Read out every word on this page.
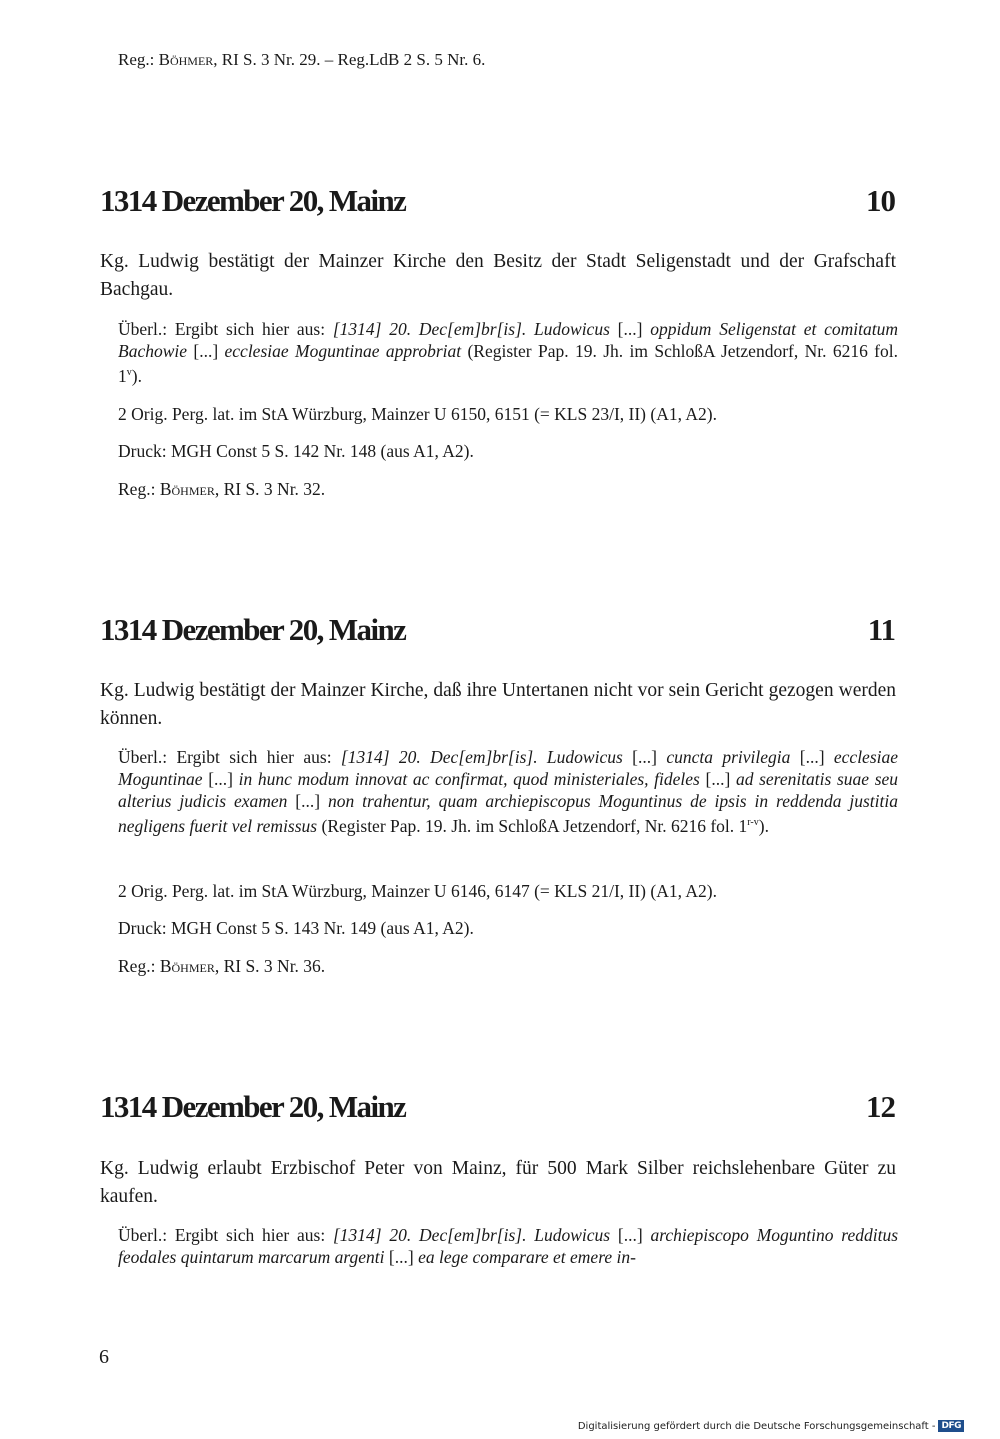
Reg.: Böhmer, RI S. 3 Nr. 29. – Reg.LdB 2 S. 5 Nr. 6.
1314 Dezember 20, Mainz	10

Kg. Ludwig bestätigt der Mainzer Kirche den Besitz der Stadt Seligenstadt und der Grafschaft Bachgau.

Überl.: Ergibt sich hier aus: [1314] 20. Dec[em]br[is]. Ludowicus [...] oppidum Seligenstat et comitatum Bachowie [...] ecclesiae Moguntinae approbriat (Register Pap. 19. Jh. im SchloßA Jetzendorf, Nr. 6216 fol. 1$^v$).

2 Orig. Perg. lat. im StA Würzburg, Mainzer U 6150, 6151 (= KLS 23/I, II) (A1, A2).

Druck: MGH Const 5 S. 142 Nr. 148 (aus A1, A2).

Reg.: Böhmer, RI S. 3 Nr. 32.

1314 Dezember 20, Mainz	11

Kg. Ludwig bestätigt der Mainzer Kirche, daß ihre Untertanen nicht vor sein Gericht gezogen werden können.

Überl.: Ergibt sich hier aus: [1314] 20. Dec[em]br[is]. Ludowicus [...] cuncta privilegia [...] ecclesiae Moguntinae [...] in hunc modum innovat ac confirmat, quod ministeriales, fideles [...] ad serenitatis suae seu alterius judicis examen [...] non trahentur, quam archiepiscopus Moguntinus de ipsis in reddenda justitia negligens fuerit vel remissus (Register Pap. 19. Jh. im SchloßA Jetzendorf, Nr. 6216 fol. 1$^{r-v}$).

2 Orig. Perg. lat. im StA Würzburg, Mainzer U 6146, 6147 (= KLS 21/I, II) (A1, A2).

Druck: MGH Const 5 S. 143 Nr. 149 (aus A1, A2).

Reg.: Böhmer, RI S. 3 Nr. 36.

1314 Dezember 20, Mainz	12

Kg. Ludwig erlaubt Erzbischof Peter von Mainz, für 500 Mark Silber reichslehenbare Güter zu kaufen.

Überl.: Ergibt sich hier aus: [1314] 20. Dec[em]br[is]. Ludowicus [...] archiepiscopo Moguntino redditus feodales quintarum marcarum argenti [...] ea lege comparare et emere in-

6
Digitalisierung gefördert durch die Deutsche Forschungsgemeinschaft - DFG
